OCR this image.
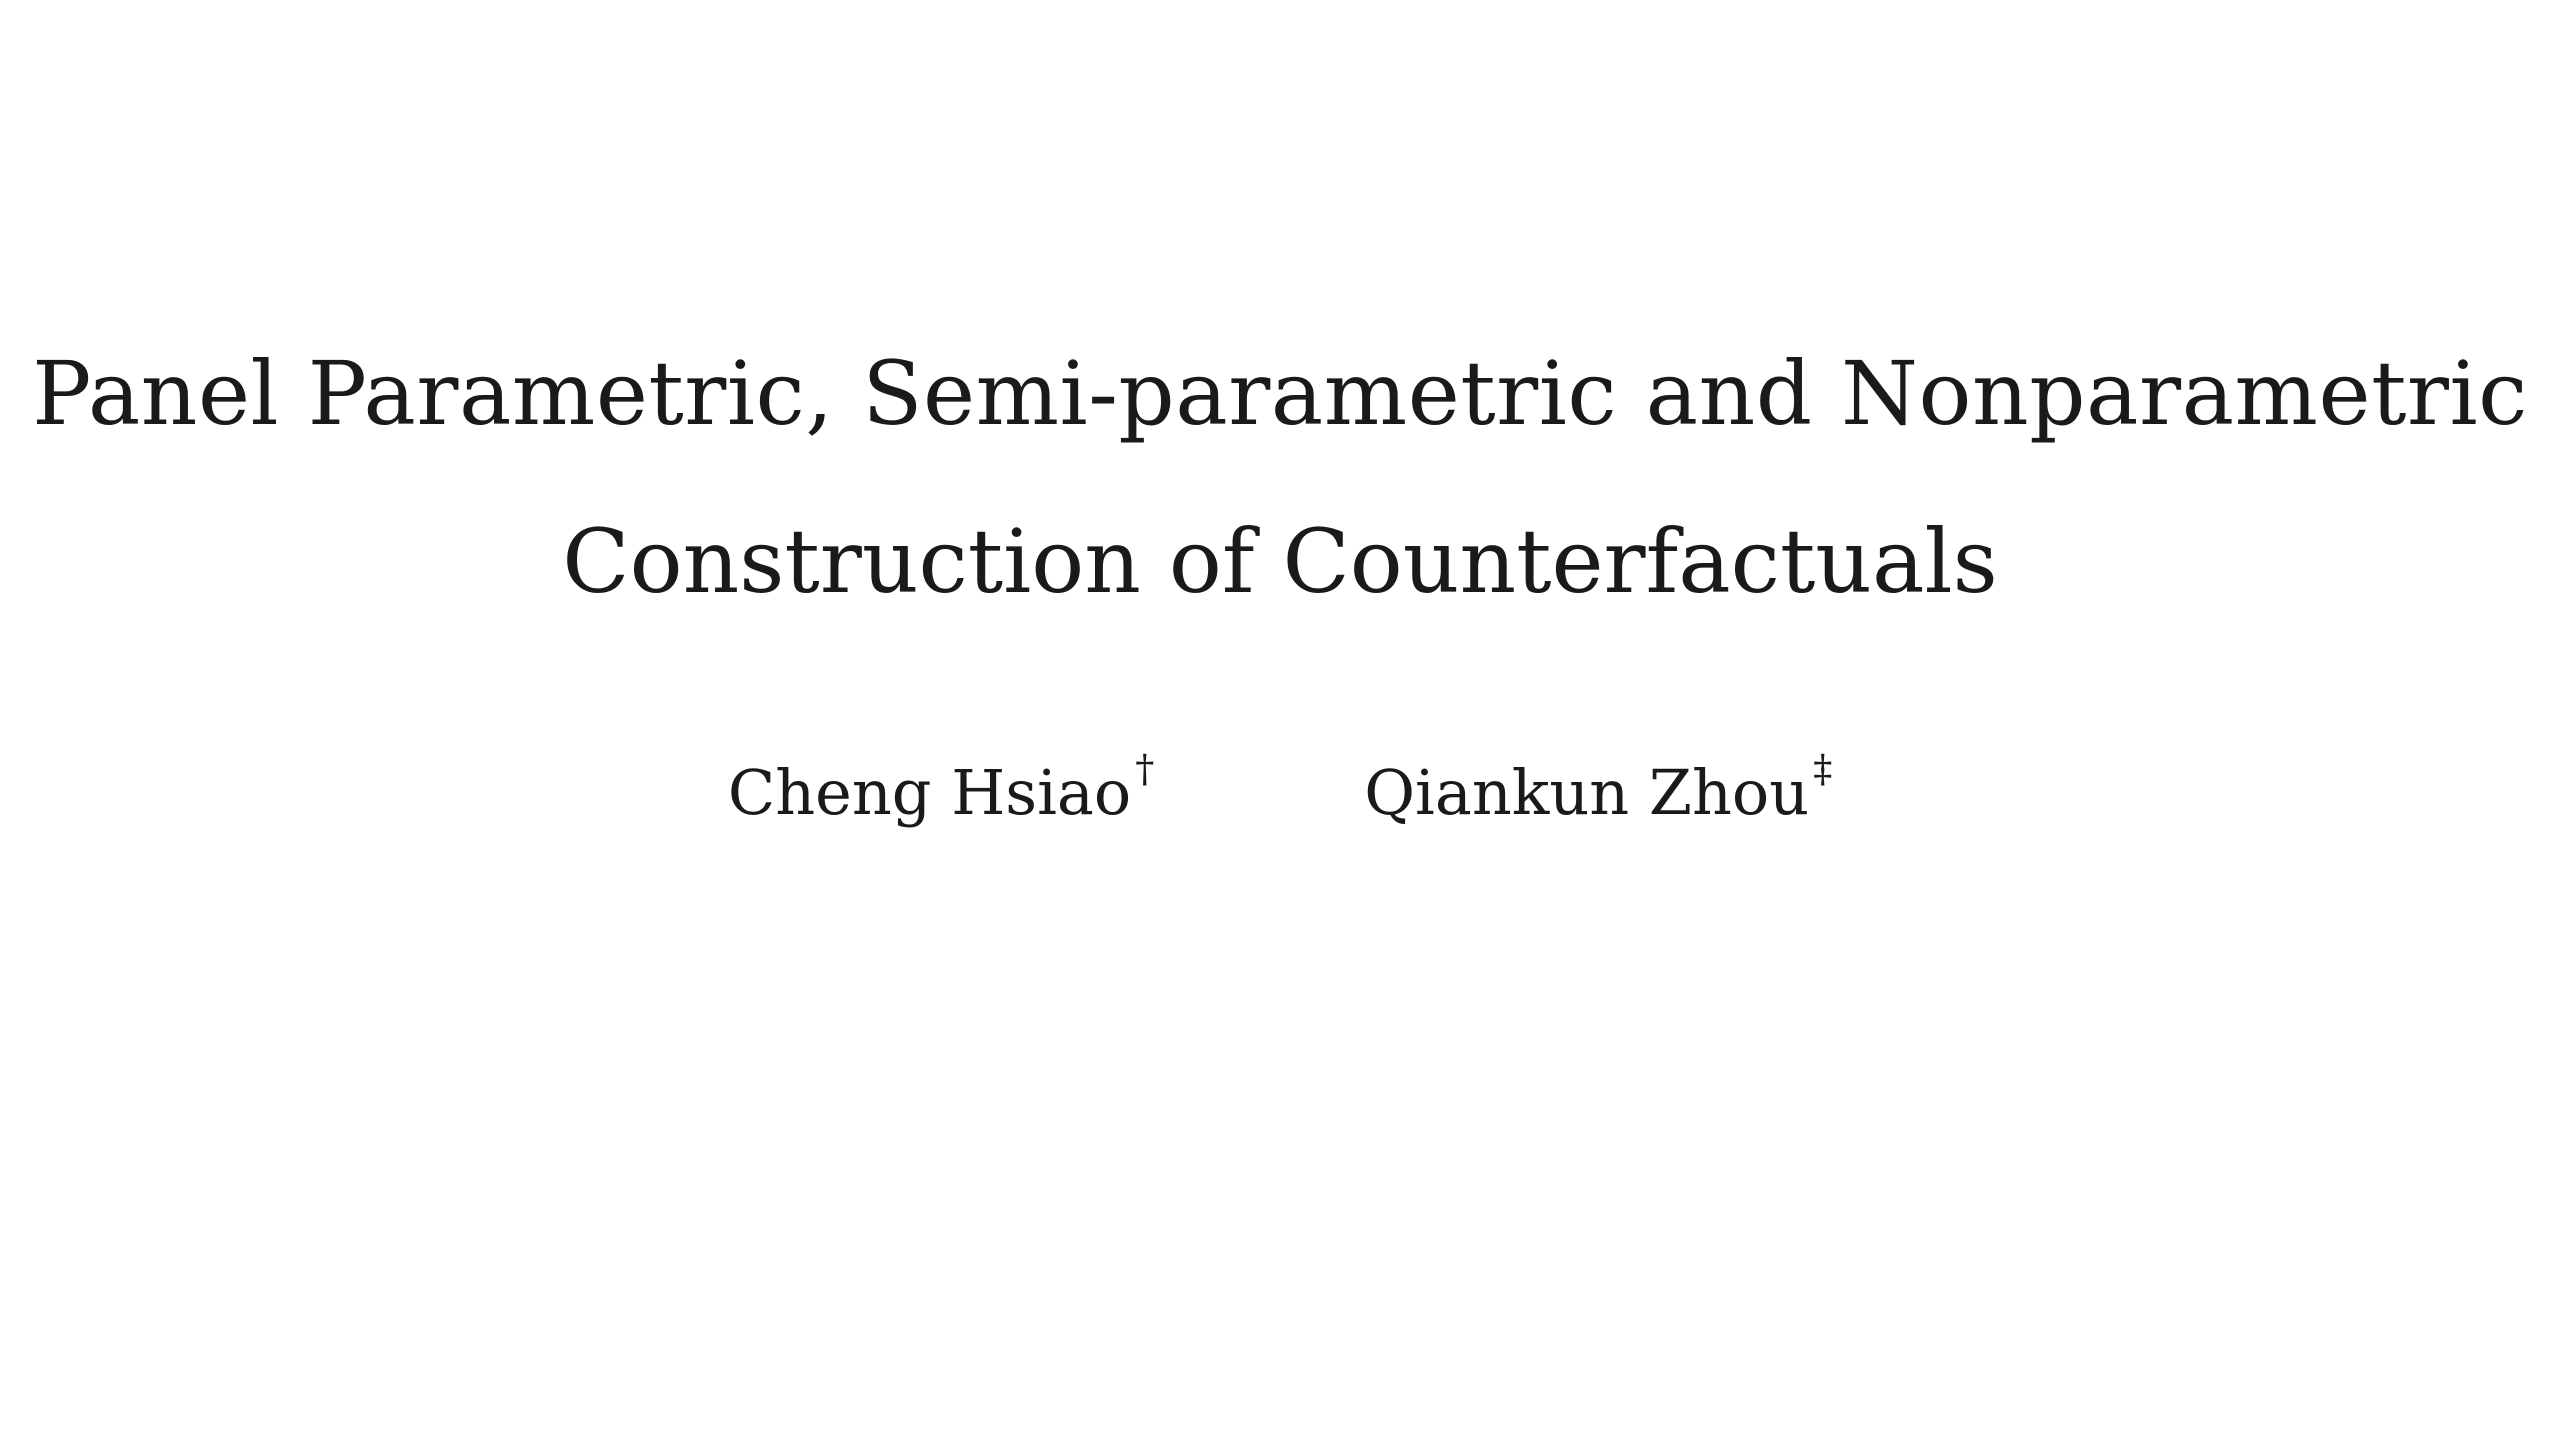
Panel Parametric, Semi-parametric and Nonparametric
Construction of Counterfactuals
Cheng Hsiao †	Qiankun Zhou ‡
